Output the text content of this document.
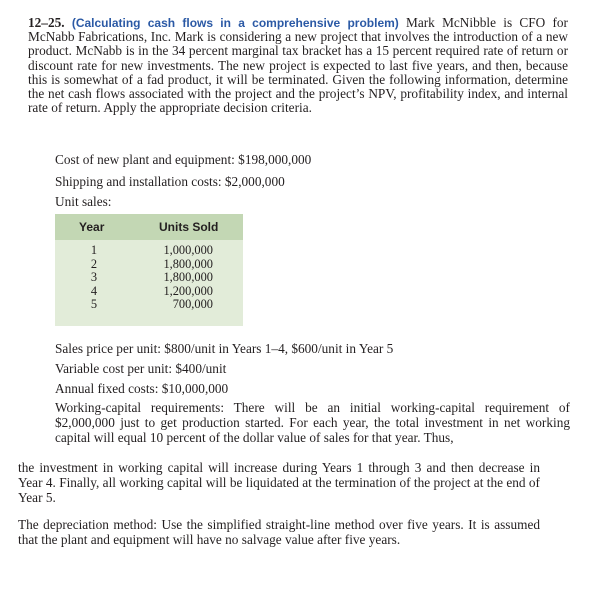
12–25. (Calculating cash flows in a comprehensive problem) Mark McNibble is CFO for McNabb Fabrications, Inc. Mark is considering a new project that involves the introduction of a new product. McNabb is in the 34 percent marginal tax bracket has a 15 percent required rate of return or discount rate for new investments. The new project is expected to last five years, and then, because this is somewhat of a fad product, it will be terminated. Given the following information, determine the net cash flows associated with the project and the project’s NPV, profitability index, and internal rate of return. Apply the appropriate decision criteria.
Cost of new plant and equipment: $198,000,000
Shipping and installation costs: $2,000,000
Unit sales:
Year	Units Sold
1	1,000,000
2	1,800,000
3	1,800,000
4	1,200,000
5	700,000
Sales price per unit: $800/unit in Years 1–4, $600/unit in Year 5
Variable cost per unit: $400/unit
Annual fixed costs: $10,000,000
Working-capital requirements: There will be an initial working-capital requirement of $2,000,000 just to get production started. For each year, the total investment in net working capital will equal 10 percent of the dollar value of sales for that year. Thus,
the investment in working capital will increase during Years 1 through 3 and then decrease in Year 4. Finally, all working capital will be liquidated at the termination of the project at the end of Year 5.
The depreciation method: Use the simplified straight-line method over five years. It is assumed that the plant and equipment will have no salvage value after five years.
